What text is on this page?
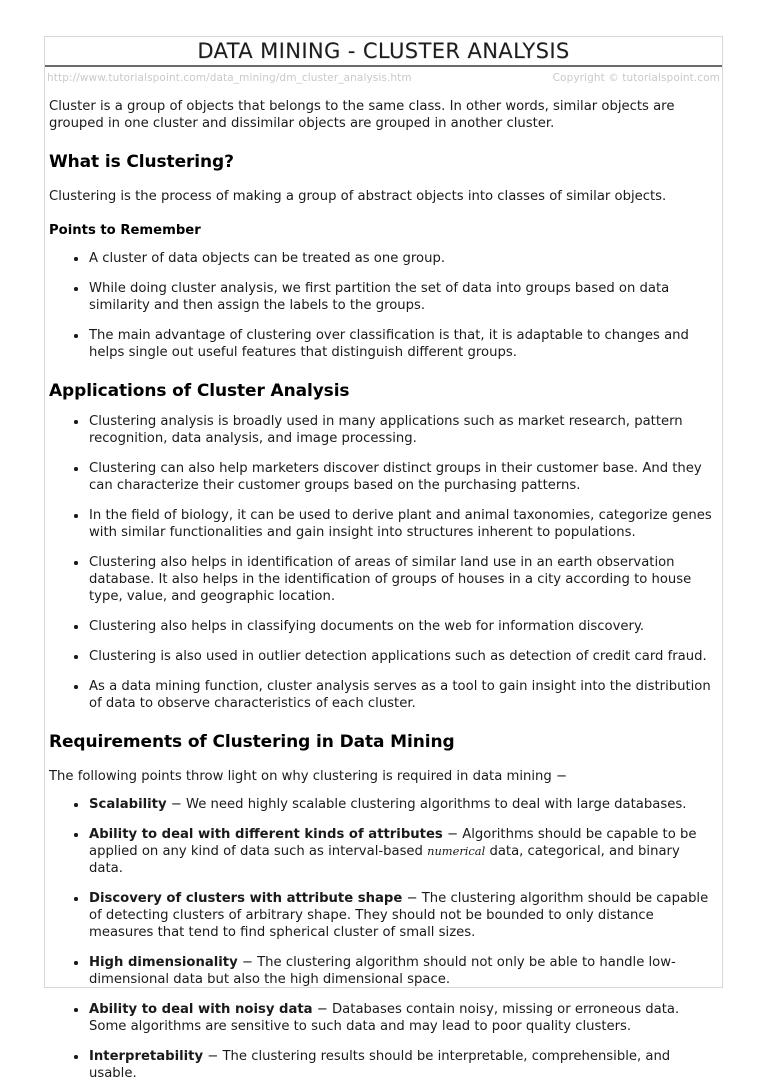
DATA MINING - CLUSTER ANALYSIS
http://www.tutorialspoint.com/data_mining/dm_cluster_analysis.htm	Copyright © tutorialspoint.com

Cluster is a group of objects that belongs to the same class. In other words, similar objects are grouped in one cluster and dissimilar objects are grouped in another cluster.

What is Clustering?

Clustering is the process of making a group of abstract objects into classes of similar objects.

Points to Remember
A cluster of data objects can be treated as one group.
While doing cluster analysis, we first partition the set of data into groups based on data similarity and then assign the labels to the groups.
The main advantage of clustering over classification is that, it is adaptable to changes and helps single out useful features that distinguish different groups.
Applications of Cluster Analysis
Clustering analysis is broadly used in many applications such as market research, pattern recognition, data analysis, and image processing.
Clustering can also help marketers discover distinct groups in their customer base. And they can characterize their customer groups based on the purchasing patterns.
In the field of biology, it can be used to derive plant and animal taxonomies, categorize genes with similar functionalities and gain insight into structures inherent to populations.
Clustering also helps in identification of areas of similar land use in an earth observation database. It also helps in the identification of groups of houses in a city according to house type, value, and geographic location.
Clustering also helps in classifying documents on the web for information discovery.
Clustering is also used in outlier detection applications such as detection of credit card fraud.
As a data mining function, cluster analysis serves as a tool to gain insight into the distribution of data to observe characteristics of each cluster.
Requirements of Clustering in Data Mining

The following points throw light on why clustering is required in data mining −

Scalability − We need highly scalable clustering algorithms to deal with large databases.
Ability to deal with different kinds of attributes − Algorithms should be capable to be applied on any kind of data such as interval-based numerical data, categorical, and binary data.
Discovery of clusters with attribute shape − The clustering algorithm should be capable of detecting clusters of arbitrary shape. They should not be bounded to only distance measures that tend to find spherical cluster of small sizes.
High dimensionality − The clustering algorithm should not only be able to handle low-dimensional data but also the high dimensional space.
Ability to deal with noisy data − Databases contain noisy, missing or erroneous data. Some algorithms are sensitive to such data and may lead to poor quality clusters.
Interpretability − The clustering results should be interpretable, comprehensible, and usable.
